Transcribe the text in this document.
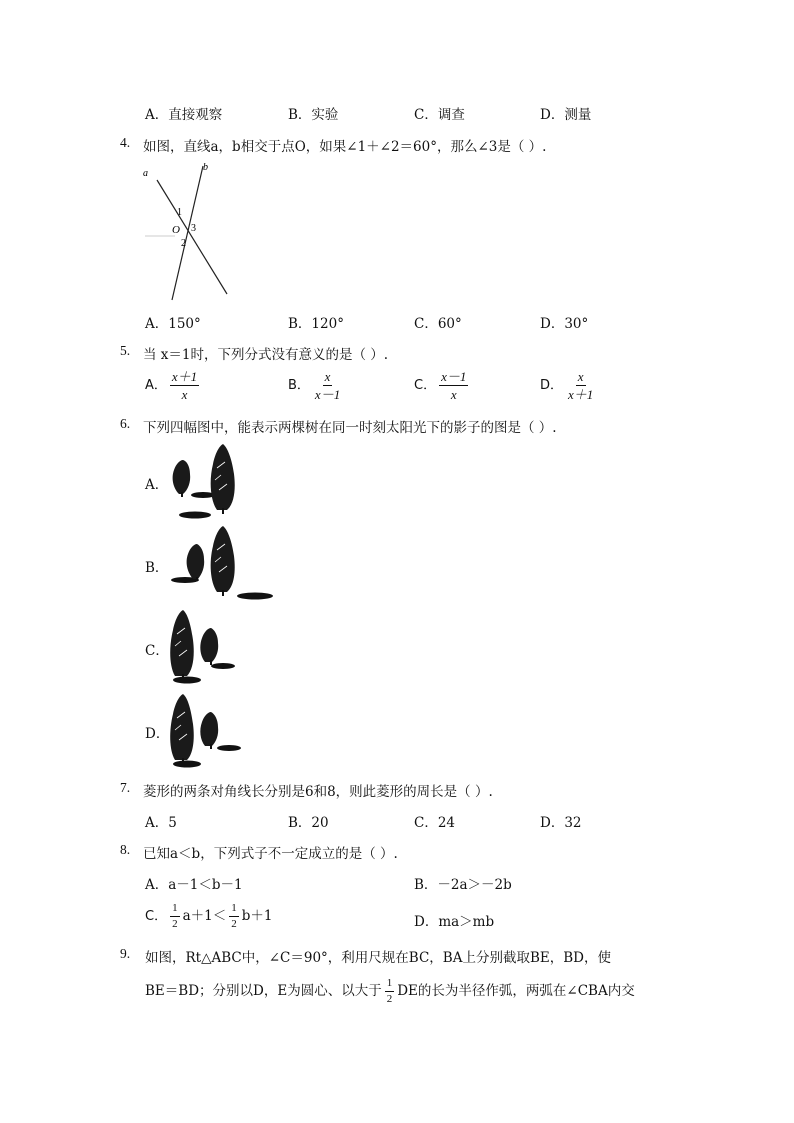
A．直接观察	B．实验	C．调查	D．测量
4. 如图，直线a，b相交于点O，如果∠1＋∠2＝60°，那么∠3是（ ）.
a
b
1
O 3
2
A．150°	B．120°	C．60°	D．30°
5. 当 x＝1时，下列分式没有意义的是（ ）.
A． $\frac{x+1}{x}$	B． $\frac{x}{x-1}$	C． $\frac{x-1}{x}$	D． $\frac{x}{x+1}$
6. 下列四幅图中，能表示两棵树在同一时刻太阳光下的影子的图是（ ）.
A．
B．
C．
D．
7. 菱形的两条对角线长分别是6和8，则此菱形的周长是（ ）.
A．5	B．20	C．24	D．32
8. 已知a＜b，下列式子不一定成立的是（ ）.
A．a－1＜b－1	B．－2a＞－2b
C． $\frac{1}{2} a+1< \frac{1}{2} b+1$	D．ma＞mb
9. 如图，Rt△ABC中，∠C＝90°，利用尺规在BC，BA上分别截取BE，BD，使
BE＝BD；分别以D，E为圆心、以大于 $\frac{1}{2}$ DE的长为半径作弧，两弧在∠CBA内交
